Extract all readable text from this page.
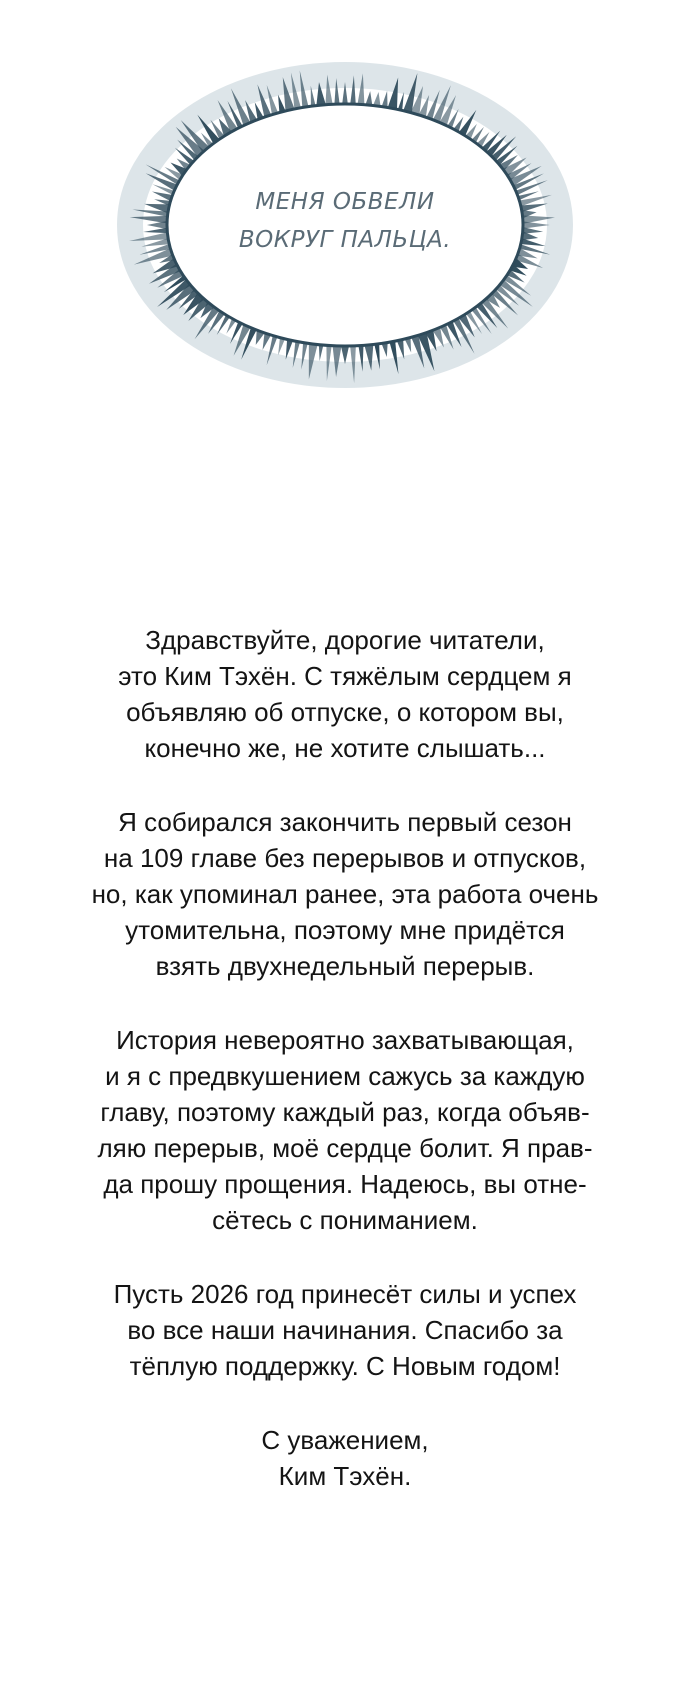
МЕНЯ ОБВЕЛИ
ВОКРУГ ПАЛЬЦА.
Здравствуйте, дорогие читатели,
это Ким Тэхён. С тяжёлым сердцем я
объявляю об отпуске, о котором вы,
конечно же, не хотите слышать...
Я собирался закончить первый сезон
на 109 главе без перерывов и отпусков,
но, как упоминал ранее, эта работа очень
утомительна, поэтому мне придётся
взять двухнедельный перерыв.
История невероятно захватывающая,
и я с предвкушением сажусь за каждую
главу, поэтому каждый раз, когда объяв-
ляю перерыв, моё сердце болит. Я прав-
да прошу прощения. Надеюсь, вы отне-
сётесь с пониманием.
Пусть 2026 год принесёт силы и успех
во все наши начинания. Спасибо за
тёплую поддержку. С Новым годом!
С уважением,
Ким Тэхён.
